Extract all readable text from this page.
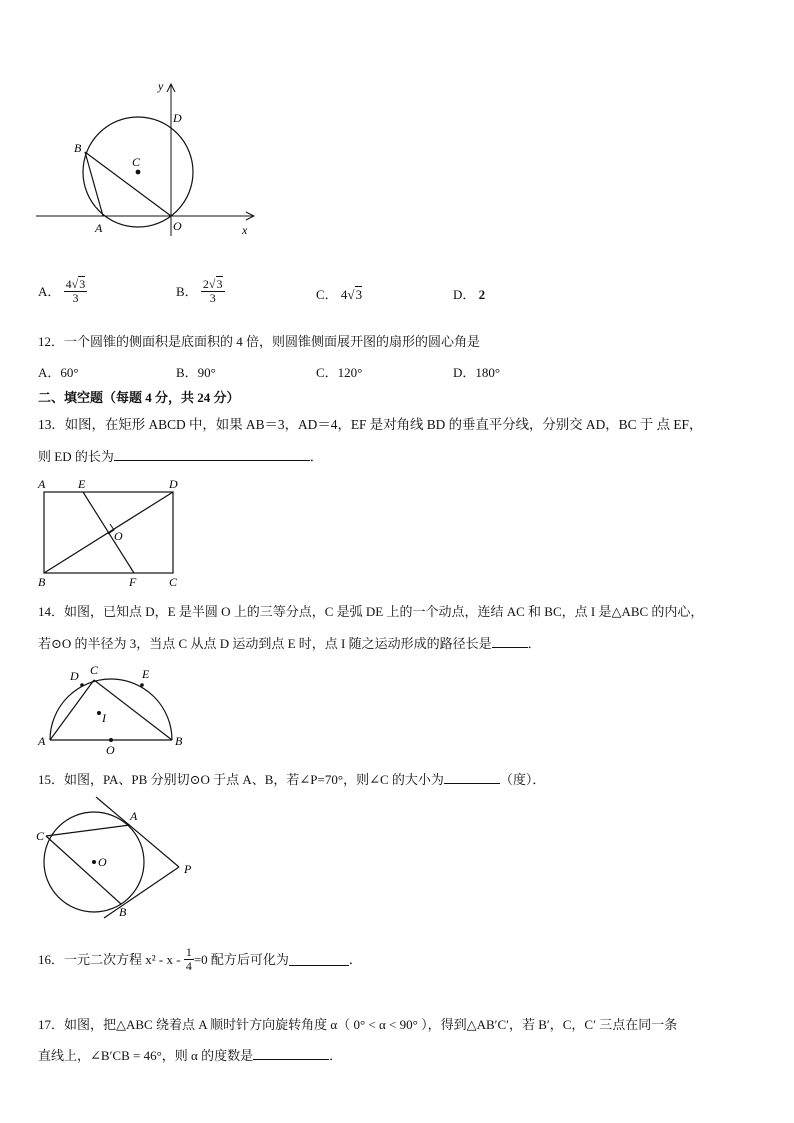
y
x
D
B
C
A	O
A． $\frac{4√3}{3}$	B． $\frac{2√3}{3}$	C． 4√3	D． 2
12．一个圆锥的侧面积是底面积的 4 倍，则圆锥侧面展开图的扇形的圆心角是
A．60°	B．90°	C．120°	D．180°
二、填空题（每题 4 分，共 24 分）
13．如图，在矩形 ABCD 中，如果 AB＝3，AD＝4，EF 是对角线 BD 的垂直平分线，分别交 AD，BC 于 点 EF，
则 ED 的长为	．
A	E	D
O
B	F	C
14．如图，已知点 D，E 是半圆 O 上的三等分点，C 是弧 DE 上的一个动点，连结 AC 和 BC，点 I 是△ABC 的内心，
若⊙O 的半径为 3，当点 C 从点 D 运动到点 E 时，点 I 随之运动形成的路径长是	．
D C	E
I
A
O
B
15．如图，PA、PB 分别切⊙O 于点 A、B，若∠P=70°，则∠C 的大小为	（度）．
A
C
O	P
B
16．一元二次方程 $x^2 - x - \frac{1}{4} =0$ 配方后可化为	．
17．如图，把△ABC 绕着点 A 顺时针方向旋转角度 α（ 0° < α < 90° ），得到△AB′C′，若 B′，C，C′ 三点在同一条
直线上，∠B′CB = 46°，则 α 的度数是	．
